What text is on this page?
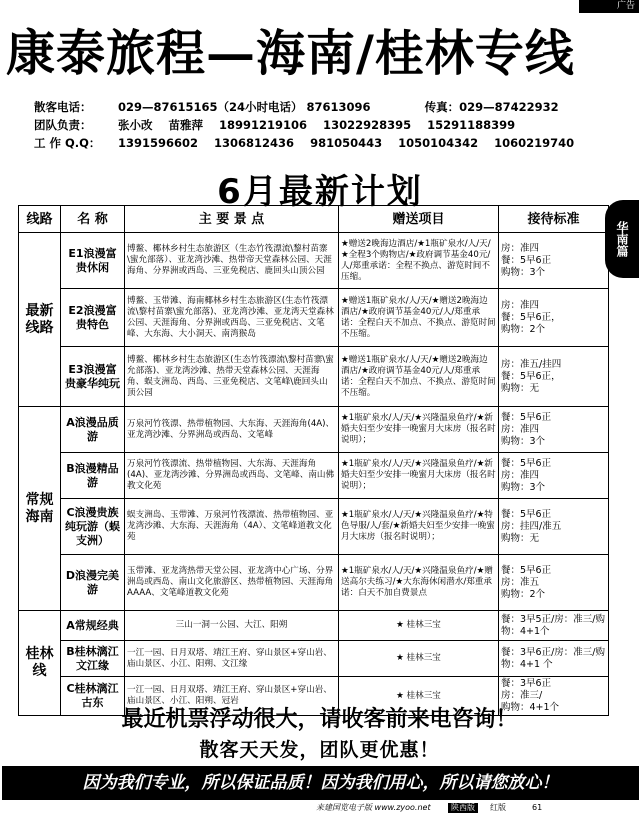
广告
康泰旅程—海南/桂林专线
散客电话： 029—87615165（24小时电话） 87613096	传真：029—87422932
团队负责： 张小改    苗雅萍    18991219106    13022928395    15291188399
工 作 Q.Q： 1391596602    1306812436    981050443    1050104342    1060219740
华南篇
6月最新计划
线路	名 称	主 要 景 点	赠送项目	接待标准
最新线路	E1浪漫富贵休闲	博鳌、椰林乡村生态旅游区（生态竹筏漂流\黎村苗寨\蜜允部落）、亚龙湾沙滩、热带帝天堂森林公园、天涯海角、分界洲或西岛、三亚免税店、鹿回头山顶公园	★赠送2晚海边酒店/★1瓶矿泉水/人/天/★全程3个购物店/★政府调节基金40元/人/郑重承诺：全程不换点、游览时间不压缩。	房：准四
餐：5早6正
购物：3个
	E2浪漫富贵特色	博鳌、玉带滩、海南椰林乡村生态旅游区(生态竹筏漂流\黎村苗寨\蜜允部落)、亚龙湾沙滩、亚龙湾天堂森林公园、天涯海角、分界洲或西岛、三亚免税店、文笔峰、大东海、大小洞天、南湾猴岛	★赠送1瓶矿泉水/人/天/★赠送2晚海边酒店/★政府调节基金40元/人/郑重承诺：全程白天不加点、不换点、游览时间不压缩。	房：准四
餐：5早6正，
购物：2个
	E3浪漫富贵豪华纯玩	博鳌、椰林乡村生态旅游区(生态竹筏漂流\黎村苗寨\蜜允部落)、亚龙湾沙滩、热带天堂森林公园、天涯海角、蜈支洲岛、西岛、三亚免税店、文笔峰\鹿回头山顶公园	★赠送1瓶矿泉水/人/天/★赠送2晚海边酒店/★政府调节基金40元/人/郑重承诺：全程白天不加点、不换点、游览时间不压缩。	房：准五/挂四
餐：5早6正，
购物：无
常规海南	A浪漫品质游	万泉河竹筏漂、热带植物园、大东海、天涯海角(4A)、亚龙湾沙滩、分界洲岛或西岛、文笔峰	★1瓶矿泉水/人/天/★兴隆温泉鱼疗/★新婚夫妇至少安排一晚蜜月大床房（报名时说明）；	餐：5早6正
房：准四
购物：3个
	B浪漫精品游	万泉河竹筏漂流、热带植物园、大东海、天涯海角(4A)、亚龙湾沙滩、分界洲岛或西岛、文笔峰、南山佛教文化苑	★1瓶矿泉水/人/天/★兴隆温泉鱼疗/★新婚夫妇至少安排一晚蜜月大床房（报名时说明）；	餐：5早6正
房：准四
购物：3个
	C浪漫贵族纯玩游（蜈支洲）	蜈支洲岛、玉带滩、万泉河竹筏漂流、热带植物园、亚龙湾沙滩、大东海、天涯海角（4A）、文笔峰道教文化苑	★1瓶矿泉水/人/天/★兴隆温泉鱼疗/★特色导服/人/套/★新婚夫妇至少安排一晚蜜月大床房（报名时说明）；	餐：5早6正
房：挂四/准五
购物：无
	D浪漫完美游	玉带滩、亚龙湾热带天堂公园、亚龙湾中心广场、分界洲岛或西岛、南山文化旅游区、热带植物园、天涯海角AAAA、文笔峰道教文化苑	★1瓶矿泉水/人/天/★兴隆温泉鱼疗/★赠送高尔夫练习/★大东海休闲潜水/郑重承诺：白天不加自费景点	餐：5早6正
房：准五
购物：2个
桂林线	A常规经典	三山一洞一公园、大江、阳朔	★ 桂林三宝	餐：3早5正/房：准三/购物：4+1个
	B桂林漓江文江缘	一江一园、日月双塔、靖江王府、穿山景区+穿山岩、庙山景区、小江、阳朔、文江缘	★ 桂林三宝	餐：3早6正/房：准三/购物：4+1 个
	C桂林漓江古东	一江一园、日月双塔、靖江王府、穿山景区+穿山岩、庙山景区、小江、阳朔、冠岩	★ 桂林三宝	餐：3早6正
房：准三/
购物：4+1个
最近机票浮动很大，请收客前来电咨询！
散客天天发，团队更优惠！
因为我们专业，所以保证品质！因为我们用心，所以请您放心！
来建国览电子版 www.zyoo.net	陕西版	红版	61
